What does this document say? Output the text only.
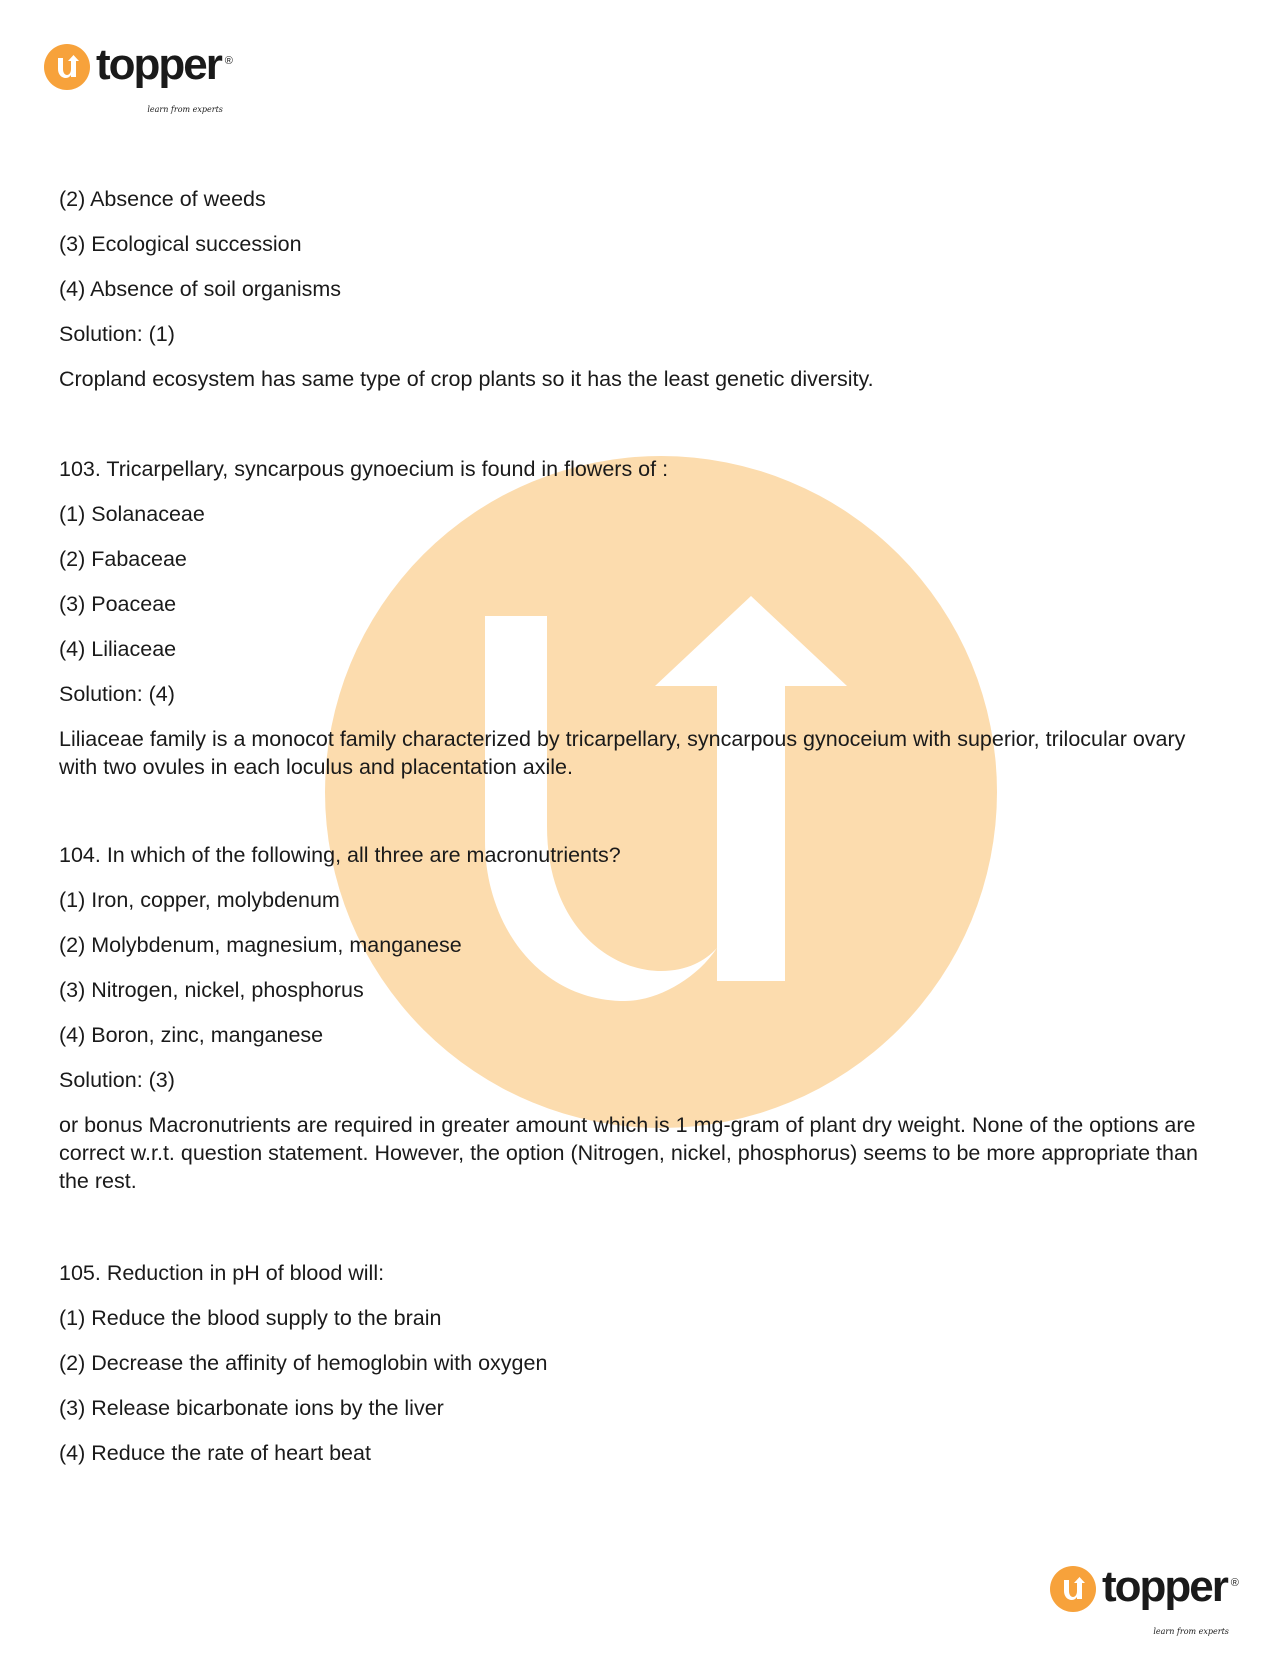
topper ®
learn from experts
(2) Absence of weeds
(3) Ecological succession
(4) Absence of soil organisms
Solution: (1)
Cropland ecosystem has same type of crop plants so it has the least genetic diversity.
103. Tricarpellary, syncarpous gynoecium is found in flowers of :
(1) Solanaceae
(2) Fabaceae
(3) Poaceae
(4) Liliaceae
Solution: (4)
Liliaceae family is a monocot family characterized by tricarpellary, syncarpous gynoceium with superior, trilocular ovary with two ovules in each loculus and placentation axile.
104. In which of the following, all three are macronutrients?
(1) Iron, copper, molybdenum
(2) Molybdenum, magnesium, manganese
(3) Nitrogen, nickel, phosphorus
(4) Boron, zinc, manganese
Solution: (3)
or bonus Macronutrients are required in greater amount which is 1 mg-gram of plant dry weight. None of the options are correct w.r.t. question statement. However, the option (Nitrogen, nickel, phosphorus) seems to be more appropriate than the rest.
105. Reduction in pH of blood will:
(1) Reduce the blood supply to the brain
(2) Decrease the affinity of hemoglobin with oxygen
(3) Release bicarbonate ions by the liver
(4) Reduce the rate of heart beat
topper ®
learn from experts
